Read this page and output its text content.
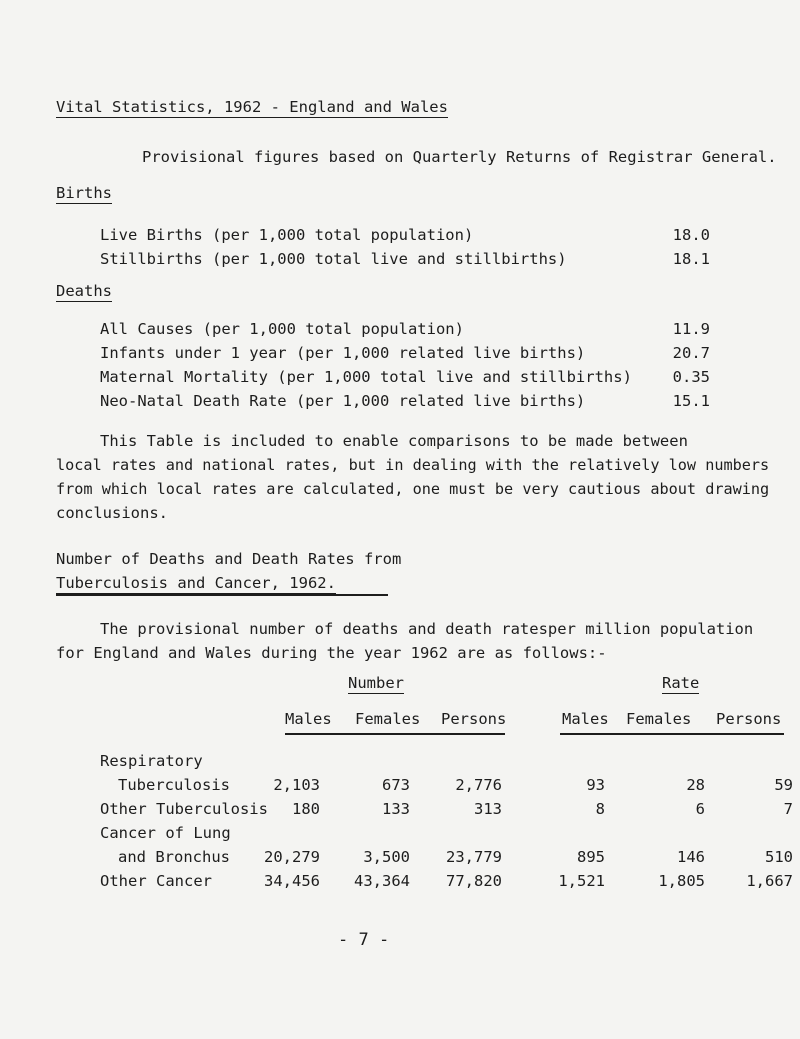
Vital Statistics, 1962 - England and Wales
Provisional figures based on Quarterly Returns of Registrar General.
Births
Live Births (per 1,000 total population)	18.0
Stillbirths (per 1,000 total live and stillbirths)	18.1
Deaths
All Causes (per 1,000 total population)	11.9
Infants under 1 year (per 1,000 related live births)	20.7
Maternal Mortality (per 1,000 total live and stillbirths)	0.35
Neo-Natal Death Rate (per 1,000 related live births)	15.1
This Table is included to enable comparisons to be made between
local rates and national rates, but in dealing with the relatively low numbers
from which local rates are calculated, one must be very cautious about drawing
conclusions.
Number of Deaths and Death Rates from
Tuberculosis and Cancer, 1962.
The provisional number of deaths and death ratesper million population
for England and Wales during the year 1962 are as follows:-
Number	Rate
Males Females Persons	Males Females Persons
Respiratory
Tuberculosis	2,103	673	2,776	93	28	59
Other Tuberculosis	180	133	313	8	6	7
Cancer of Lung
and Bronchus	20,279	3,500	23,779	895	146	510
Other Cancer	34,456	43,364	77,820	1,521	1,805	1,667
- 7 -
